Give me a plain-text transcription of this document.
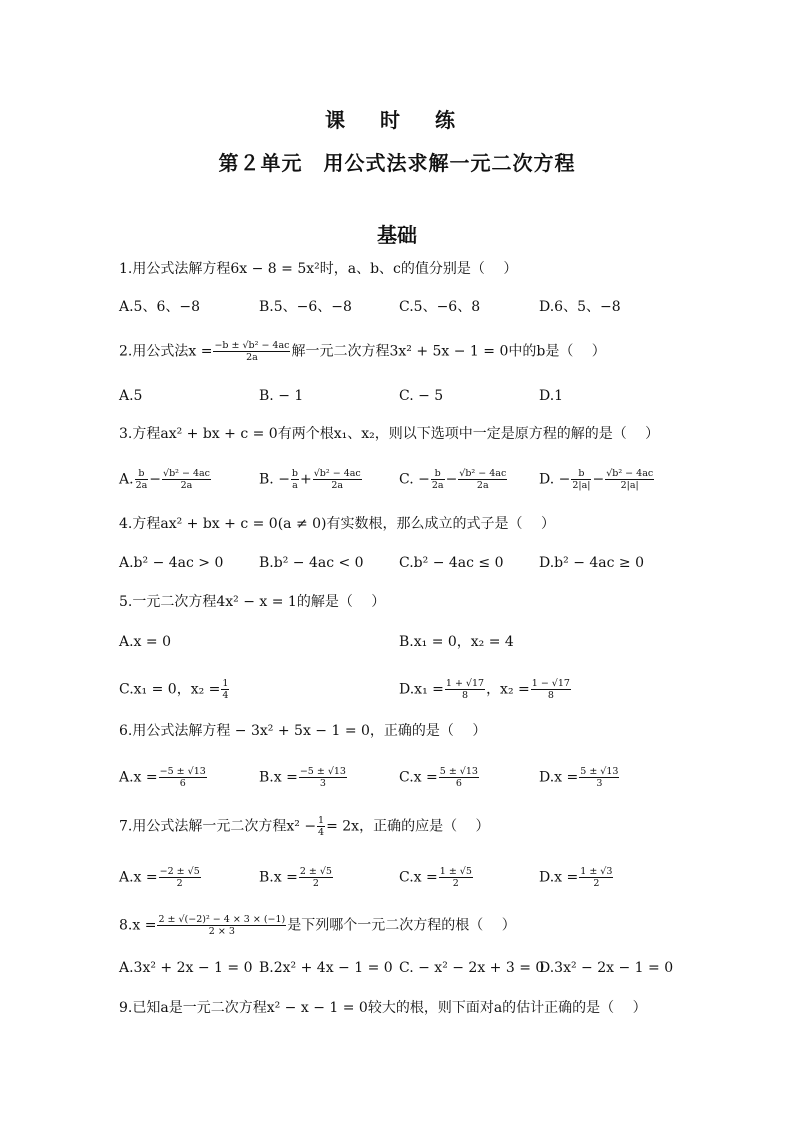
课 时 练
第２单元　用公式法求解一元二次方程
基础
1.用公式法解方程6x − 8 = 5x²时，a、b、c的值分别是（　 ）
A.5、6、−8	B.5、−6、−8	C.5、−6、8	D.6、5、−8
2.用公式法$x = \frac{\text{−b ± √b² − 4ac}}{2a}$ 解一元二次方程3x² + 5x − 1 = 0中的b是（　 ）
A.5	B. − 1	C. − 5	D.1
3.方程ax² + bx + c = 0有两个根x₁、x₂，则以下选项中一定是原方程的解的是（　 ）
A. $\frac{b}{2a} - \frac{\text{√b² − 4ac}}{2a}$	B. − $\frac{b}{a} + \frac{\text{√b² − 4ac}}{2a}$	C. − $\frac{b}{2a} - \frac{\text{√b² − 4ac}}{2a} D$. − $\frac{b}{2|a|} - \frac{\text{√b² − 4ac}}{2|a|}$
4.方程ax² + bx + c = 0(a ≠ 0)有实数根，那么成立的式子是（　 ）
A.b² − 4ac > 0	B.b² − 4ac < 0	C.b² − 4ac ≤ 0	D.b² − 4ac ≥ 0
5.一元二次方程4x² − x = 1的解是（　 ）
A.x = 0	B.x₁ = 0，x₂ = 4
C.x₁ = 0，$x_2 = \frac{1}{4}$	$D.x_1 = \frac{1 + √17}{8}$ ，$x_2 = \frac{1 - √17}{8}$
6.用公式法解方程 − 3x² + 5x − 1 = 0，正确的是（　 ）
$A.x = \frac{-5 \pm √13}{6}$	$B.x = \frac{-5 \pm √13}{3}$	$C.x = \frac{5 \pm √13}{6}$	$D.x = \frac{5 \pm √13}{3}$
7.用公式法解一元二次方程$x^2 - \frac{1}{4} = 2x$，正确的应是（　 ）
$A.x = \frac{-2 \pm √5}{2}$	$B.x = \frac{2 \pm √5}{2}$	$C.x = \frac{1 \pm √5}{2}$	$D.x = \frac{1 \pm √3}{2}$
$8.x = \frac{\text{2 ± √(−2)² − 4 × 3 × (−1)}}{2 \times 3}$ 是下列哪个一元二次方程的根（　 ）
A.3x² + 2x − 1 = 0 B.2x² + 4x − 1 = 0 C. − x² − 2x + 3 = 0
D.3x² − 2x − 1 = 0
9.已知a是一元二次方程x² − x − 1 = 0较大的根，则下面对a的估计正确的是（　 ）
